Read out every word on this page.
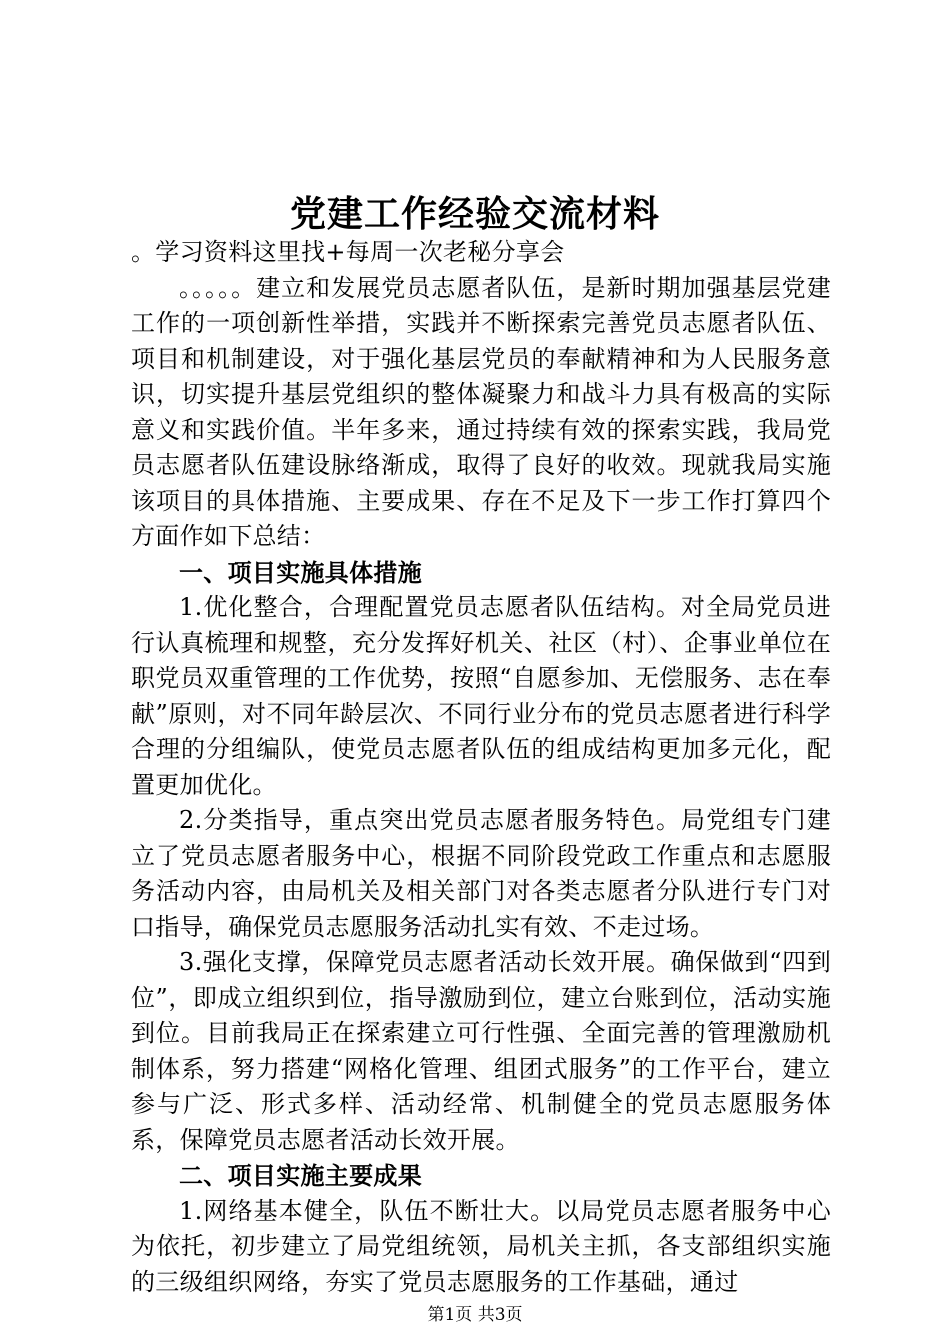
党建工作经验交流材料

。学习资料这里找+每周一次老秘分享会

。。。。。建立和发展党员志愿者队伍，是新时期加强基层党建工作的一项创新性举措，实践并不断探索完善党员志愿者队伍、项目和机制建设，对于强化基层党员的奉献精神和为人民服务意识，切实提升基层党组织的整体凝聚力和战斗力具有极高的实际意义和实践价值。半年多来，通过持续有效的探索实践，我局党员志愿者队伍建设脉络渐成，取得了良好的收效。现就我局实施该项目的具体措施、主要成果、存在不足及下一步工作打算四个方面作如下总结：

一、项目实施具体措施

1.优化整合，合理配置党员志愿者队伍结构。对全局党员进行认真梳理和规整，充分发挥好机关、社区（村）、企事业单位在职党员双重管理的工作优势，按照“自愿参加、无偿服务、志在奉献”原则，对不同年龄层次、不同行业分布的党员志愿者进行科学合理的分组编队，使党员志愿者队伍的组成结构更加多元化，配置更加优化。

2.分类指导，重点突出党员志愿者服务特色。局党组专门建立了党员志愿者服务中心，根据不同阶段党政工作重点和志愿服务活动内容，由局机关及相关部门对各类志愿者分队进行专门对口指导，确保党员志愿服务活动扎实有效、不走过场。

3.强化支撑，保障党员志愿者活动长效开展。确保做到“四到位”，即成立组织到位，指导激励到位，建立台账到位，活动实施到位。目前我局正在探索建立可行性强、全面完善的管理激励机制体系，努力搭建“网格化管理、组团式服务”的工作平台，建立参与广泛、形式多样、活动经常、机制健全的党员志愿服务体系，保障党员志愿者活动长效开展。

二、项目实施主要成果

1.网络基本健全，队伍不断壮大。以局党员志愿者服务中心为依托，初步建立了局党组统领，局机关主抓，各支部组织实施的三级组织网络，夯实了党员志愿服务的工作基础，通过

第1页 共3页
